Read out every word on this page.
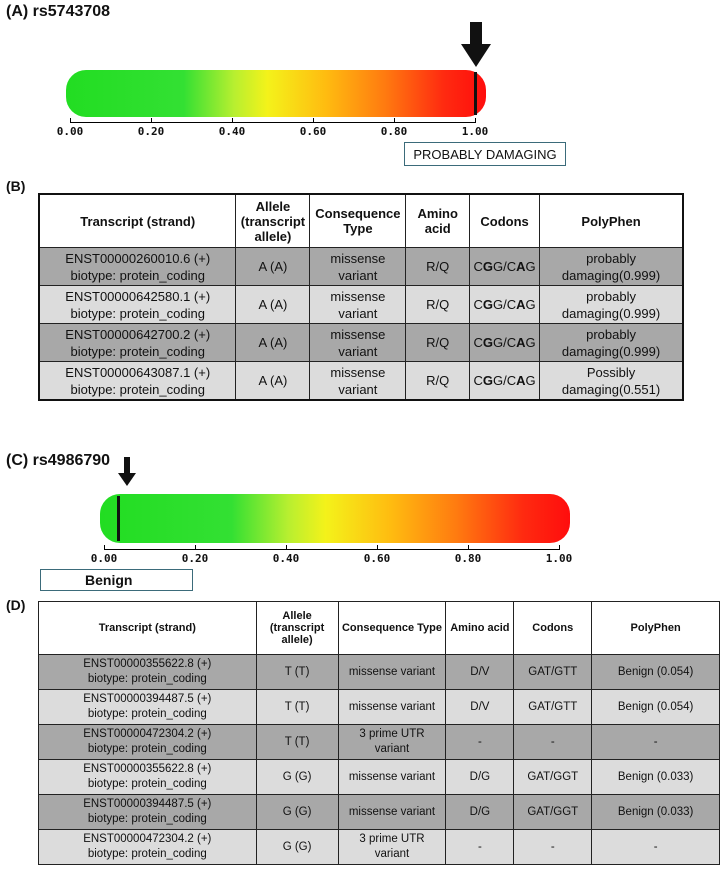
(A) rs5743708
0.00	0.20	0.40	0.60	0.80	1.00
PROBABLY DAMAGING
(B)
Transcript (strand)	Allele (transcript allele)	Consequence Type	Amino acid	Codons	PolyPhen
ENST00000260010.6 (+)
biotype: protein_coding	A (A)	missense
variant	R/Q	CGG/CAG	probably
damaging(0.999)
ENST00000642580.1 (+)
biotype: protein_coding	A (A)	missense
variant	R/Q	CGG/CAG	probably
damaging(0.999)
ENST00000642700.2 (+)
biotype: protein_coding	A (A)	missense
variant	R/Q	CGG/CAG	probably
damaging(0.999)
ENST00000643087.1 (+)
biotype: protein_coding	A (A)	missense
variant	R/Q	CGG/CAG	Possibly
damaging(0.551)
(C) rs4986790
0.00	0.20	0.40	0.60	0.80	1.00
Benign
(D)
Transcript (strand)	Allele (transcript allele)	Consequence Type	Amino acid	Codons	PolyPhen
ENST00000355622.8 (+)
biotype: protein_coding	T (T)	missense variant	D/V	GAT/GTT	Benign (0.054)
ENST00000394487.5 (+)
biotype: protein_coding	T (T)	missense variant	D/V	GAT/GTT	Benign (0.054)
ENST00000472304.2 (+)
biotype: protein_coding	T (T)	3 prime UTR
variant	-	-	-
ENST00000355622.8 (+)
biotype: protein_coding	G (G)	missense variant	D/G	GAT/GGT	Benign (0.033)
ENST00000394487.5 (+)
biotype: protein_coding	G (G)	missense variant	D/G	GAT/GGT	Benign (0.033)
ENST00000472304.2 (+)
biotype: protein_coding	G (G)	3 prime UTR
variant	-	-	-
